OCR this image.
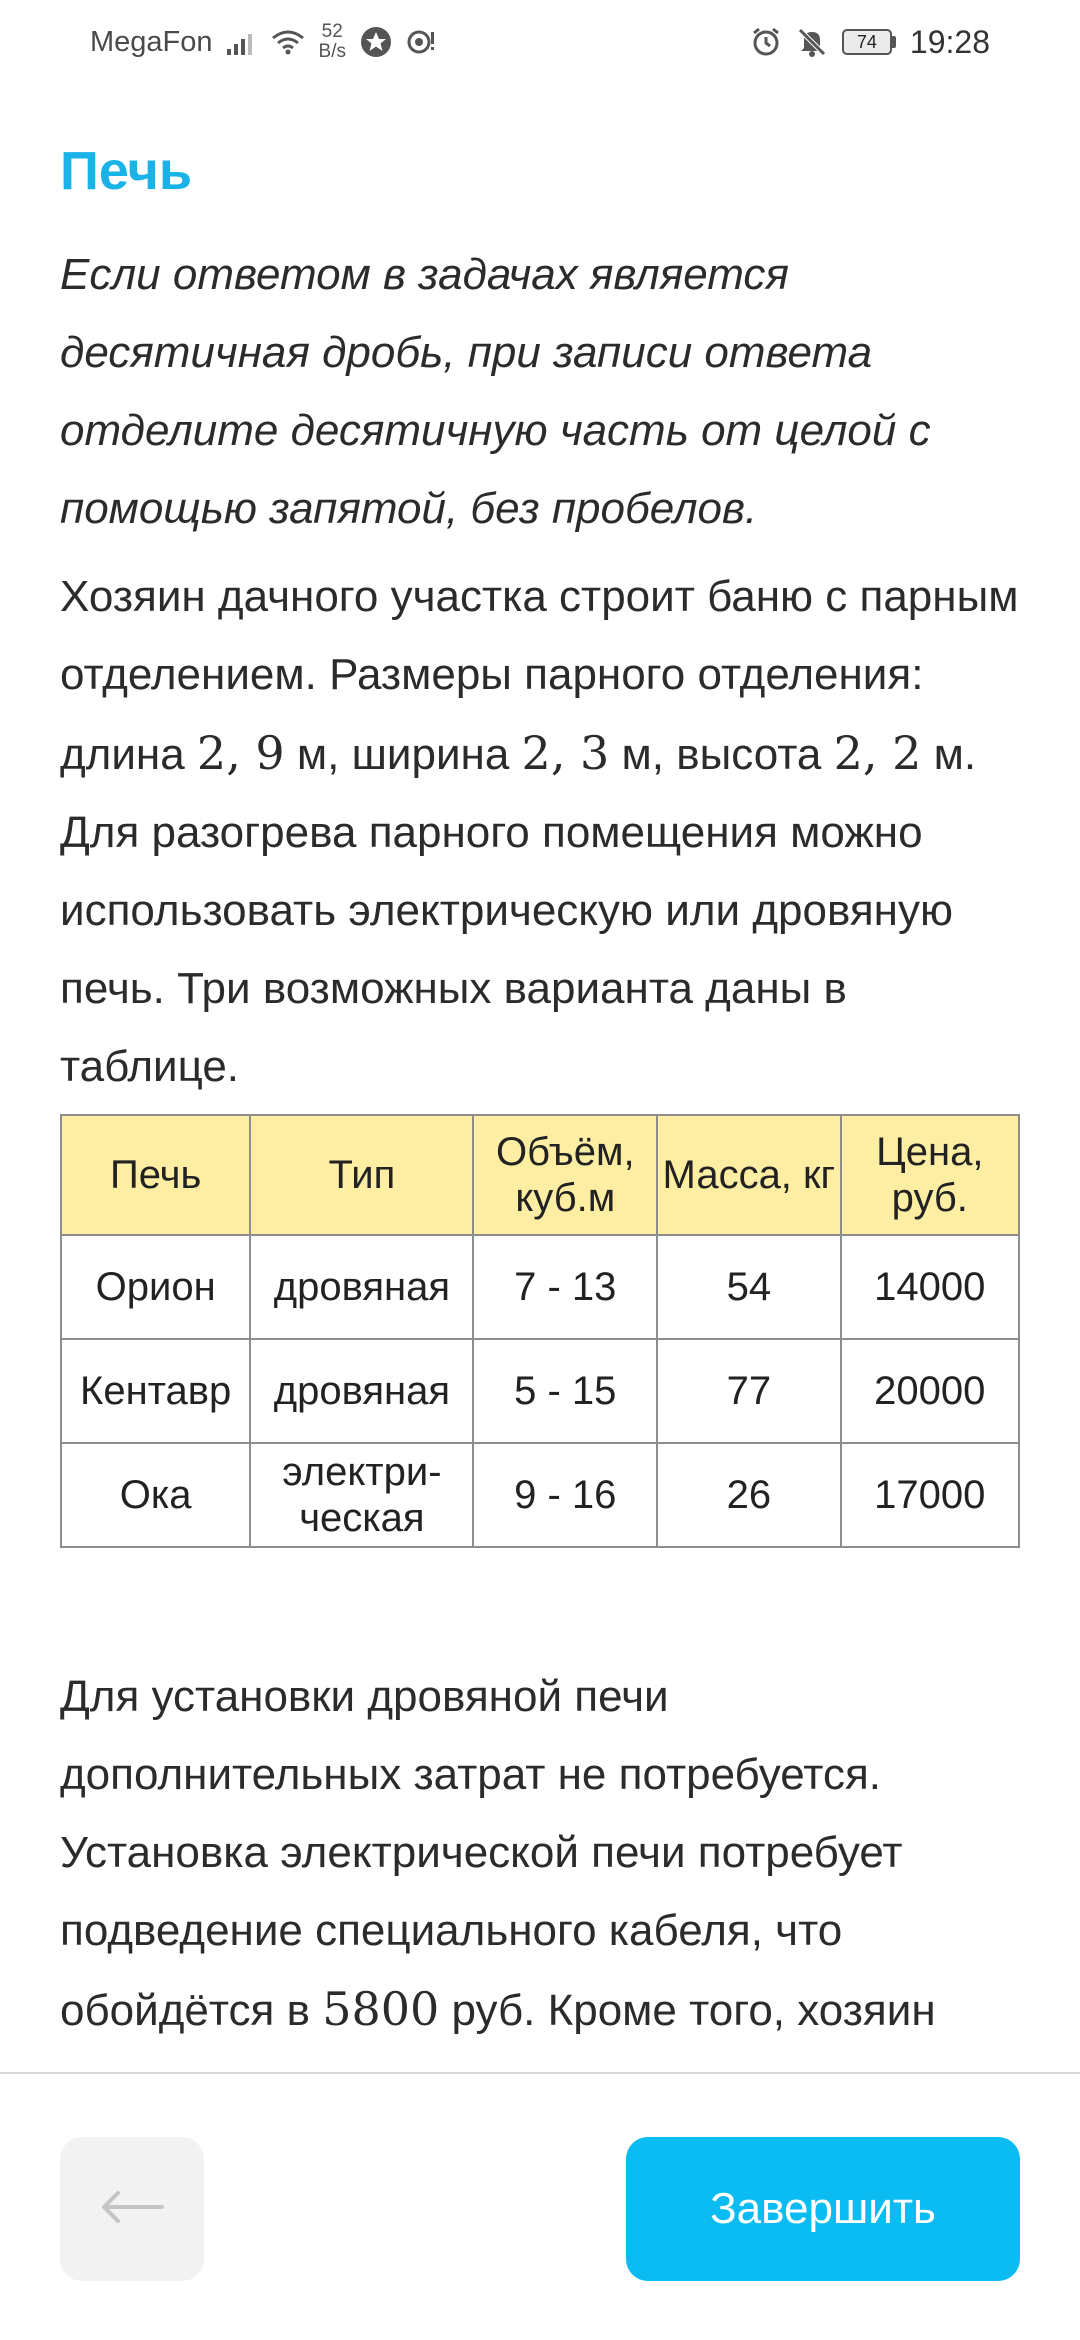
MegaFon	52
B/s	74	19:28
Печь

Если ответом в задачах является десятичная дробь, при записи ответа отделите десятичную часть от целой с помощью запятой, без пробелов.

Хозяин дачного участка строит баню с парным отделением. Размеры парного отделения: длина 2, 9 м, ширина 2, 3 м, высота 2, 2 м. Для разогрева парного помещения можно использовать электрическую или дровяную печь. Три возможных варианта даны в таблице.

Печь	Тип	Объём, куб.м	Масса, кг	Цена, руб.
Орион	дровяная	7 - 13	54	14000
Кентавр	дровяная	5 - 15	77	20000
Ока	электри-ческая	9 - 16	26	17000

Для установки дровяной печи дополнительных затрат не потребуется. Установка электрической печи потребует подведение специального кабеля, что обойдётся в 5800 руб. Кроме того, хозяин

Завершить
